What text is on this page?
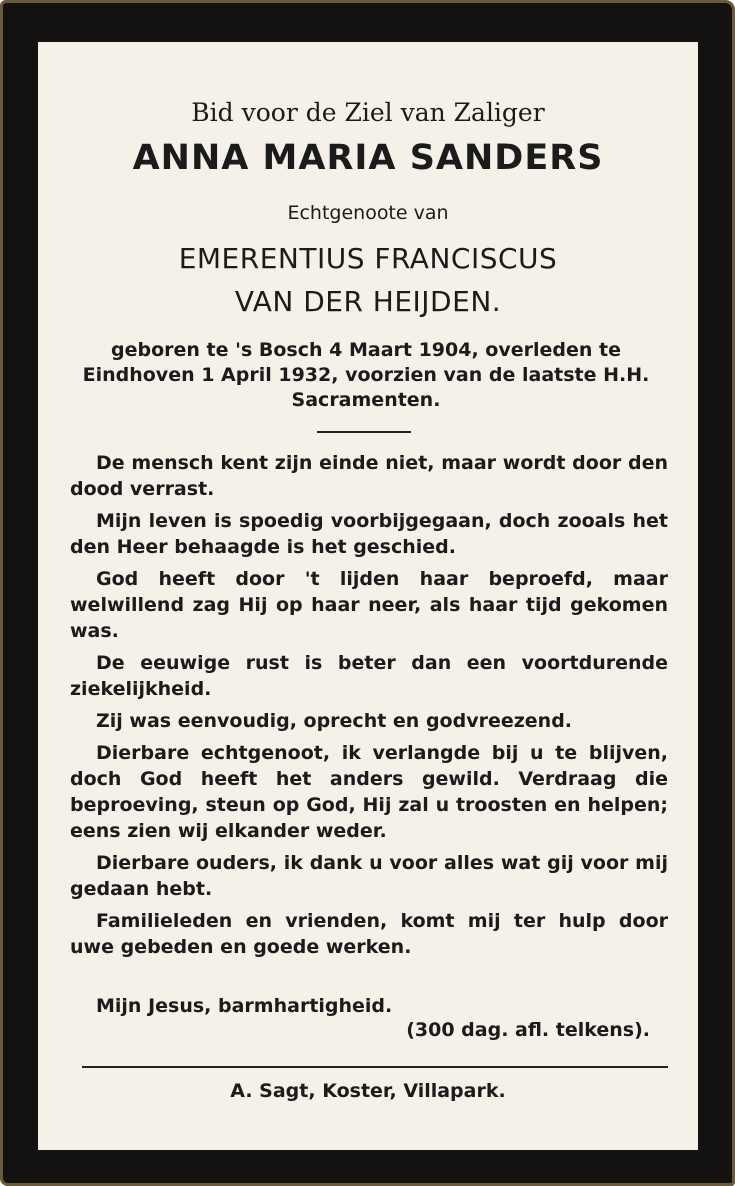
Bid voor de Ziel van Zaliger
ANNA MARIA SANDERS
Echtgenoote van
EMERENTIUS FRANCISCUS
VAN DER HEIJDEN.
geboren te 's Bosch 4 Maart 1904, overleden te Eindhoven 1 April 1932, voorzien van de laatste H.H. Sacramenten.

De mensch kent zijn einde niet, maar wordt door den dood verrast.

Mijn leven is spoedig voorbijgegaan, doch zooals het den Heer behaagde is het geschied.

God heeft door 't lijden haar beproefd, maar welwillend zag Hij op haar neer, als haar tijd gekomen was.

De eeuwige rust is beter dan een voortdurende ziekelijkheid.

Zij was eenvoudig, oprecht en godvreezend.

Dierbare echtgenoot, ik verlangde bij u te blijven, doch God heeft het anders gewild. Verdraag die beproeving, steun op God, Hij zal u troosten en helpen; eens zien wij elkander weder.

Dierbare ouders, ik dank u voor alles wat gij voor mij gedaan hebt.

Familieleden en vrienden, komt mij ter hulp door uwe gebeden en goede werken.

Mijn Jesus, barmhartigheid.
(300 dag. afl. telkens).
A. Sagt, Koster, Villapark.
